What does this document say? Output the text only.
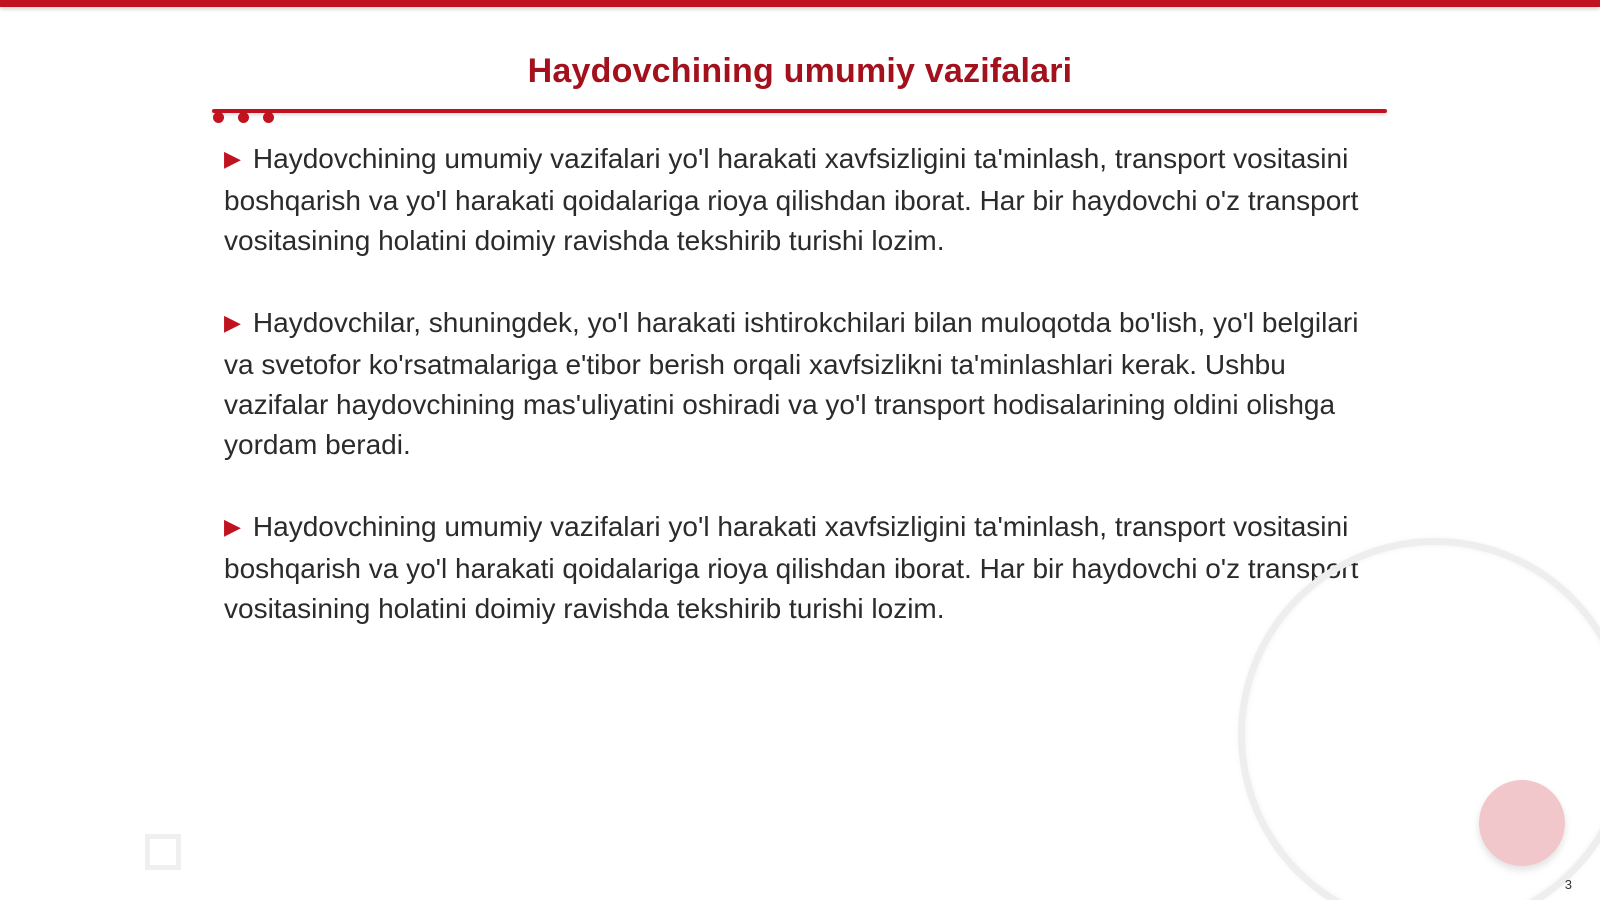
Haydovchining umumiy vazifalari

▶ Haydovchining umumiy vazifalari yo'l harakati xavfsizligini ta'minlash, transport vositasini boshqarish va yo'l harakati qoidalariga rioya qilishdan iborat. Har bir haydovchi o'z transport vositasining holatini doimiy ravishda tekshirib turishi lozim.

▶ Haydovchilar, shuningdek, yo'l harakati ishtirokchilari bilan muloqotda bo'lish, yo'l belgilari va svetofor ko'rsatmalariga e'tibor berish orqali xavfsizlikni ta'minlashlari kerak. Ushbu vazifalar haydovchining mas'uliyatini oshiradi va yo'l transport hodisalarining oldini olishga yordam beradi.

▶ Haydovchining umumiy vazifalari yo'l harakati xavfsizligini ta'minlash, transport vositasini boshqarish va yo'l harakati qoidalariga rioya qilishdan iborat. Har bir haydovchi o'z transport vositasining holatini doimiy ravishda tekshirib turishi lozim.

3
